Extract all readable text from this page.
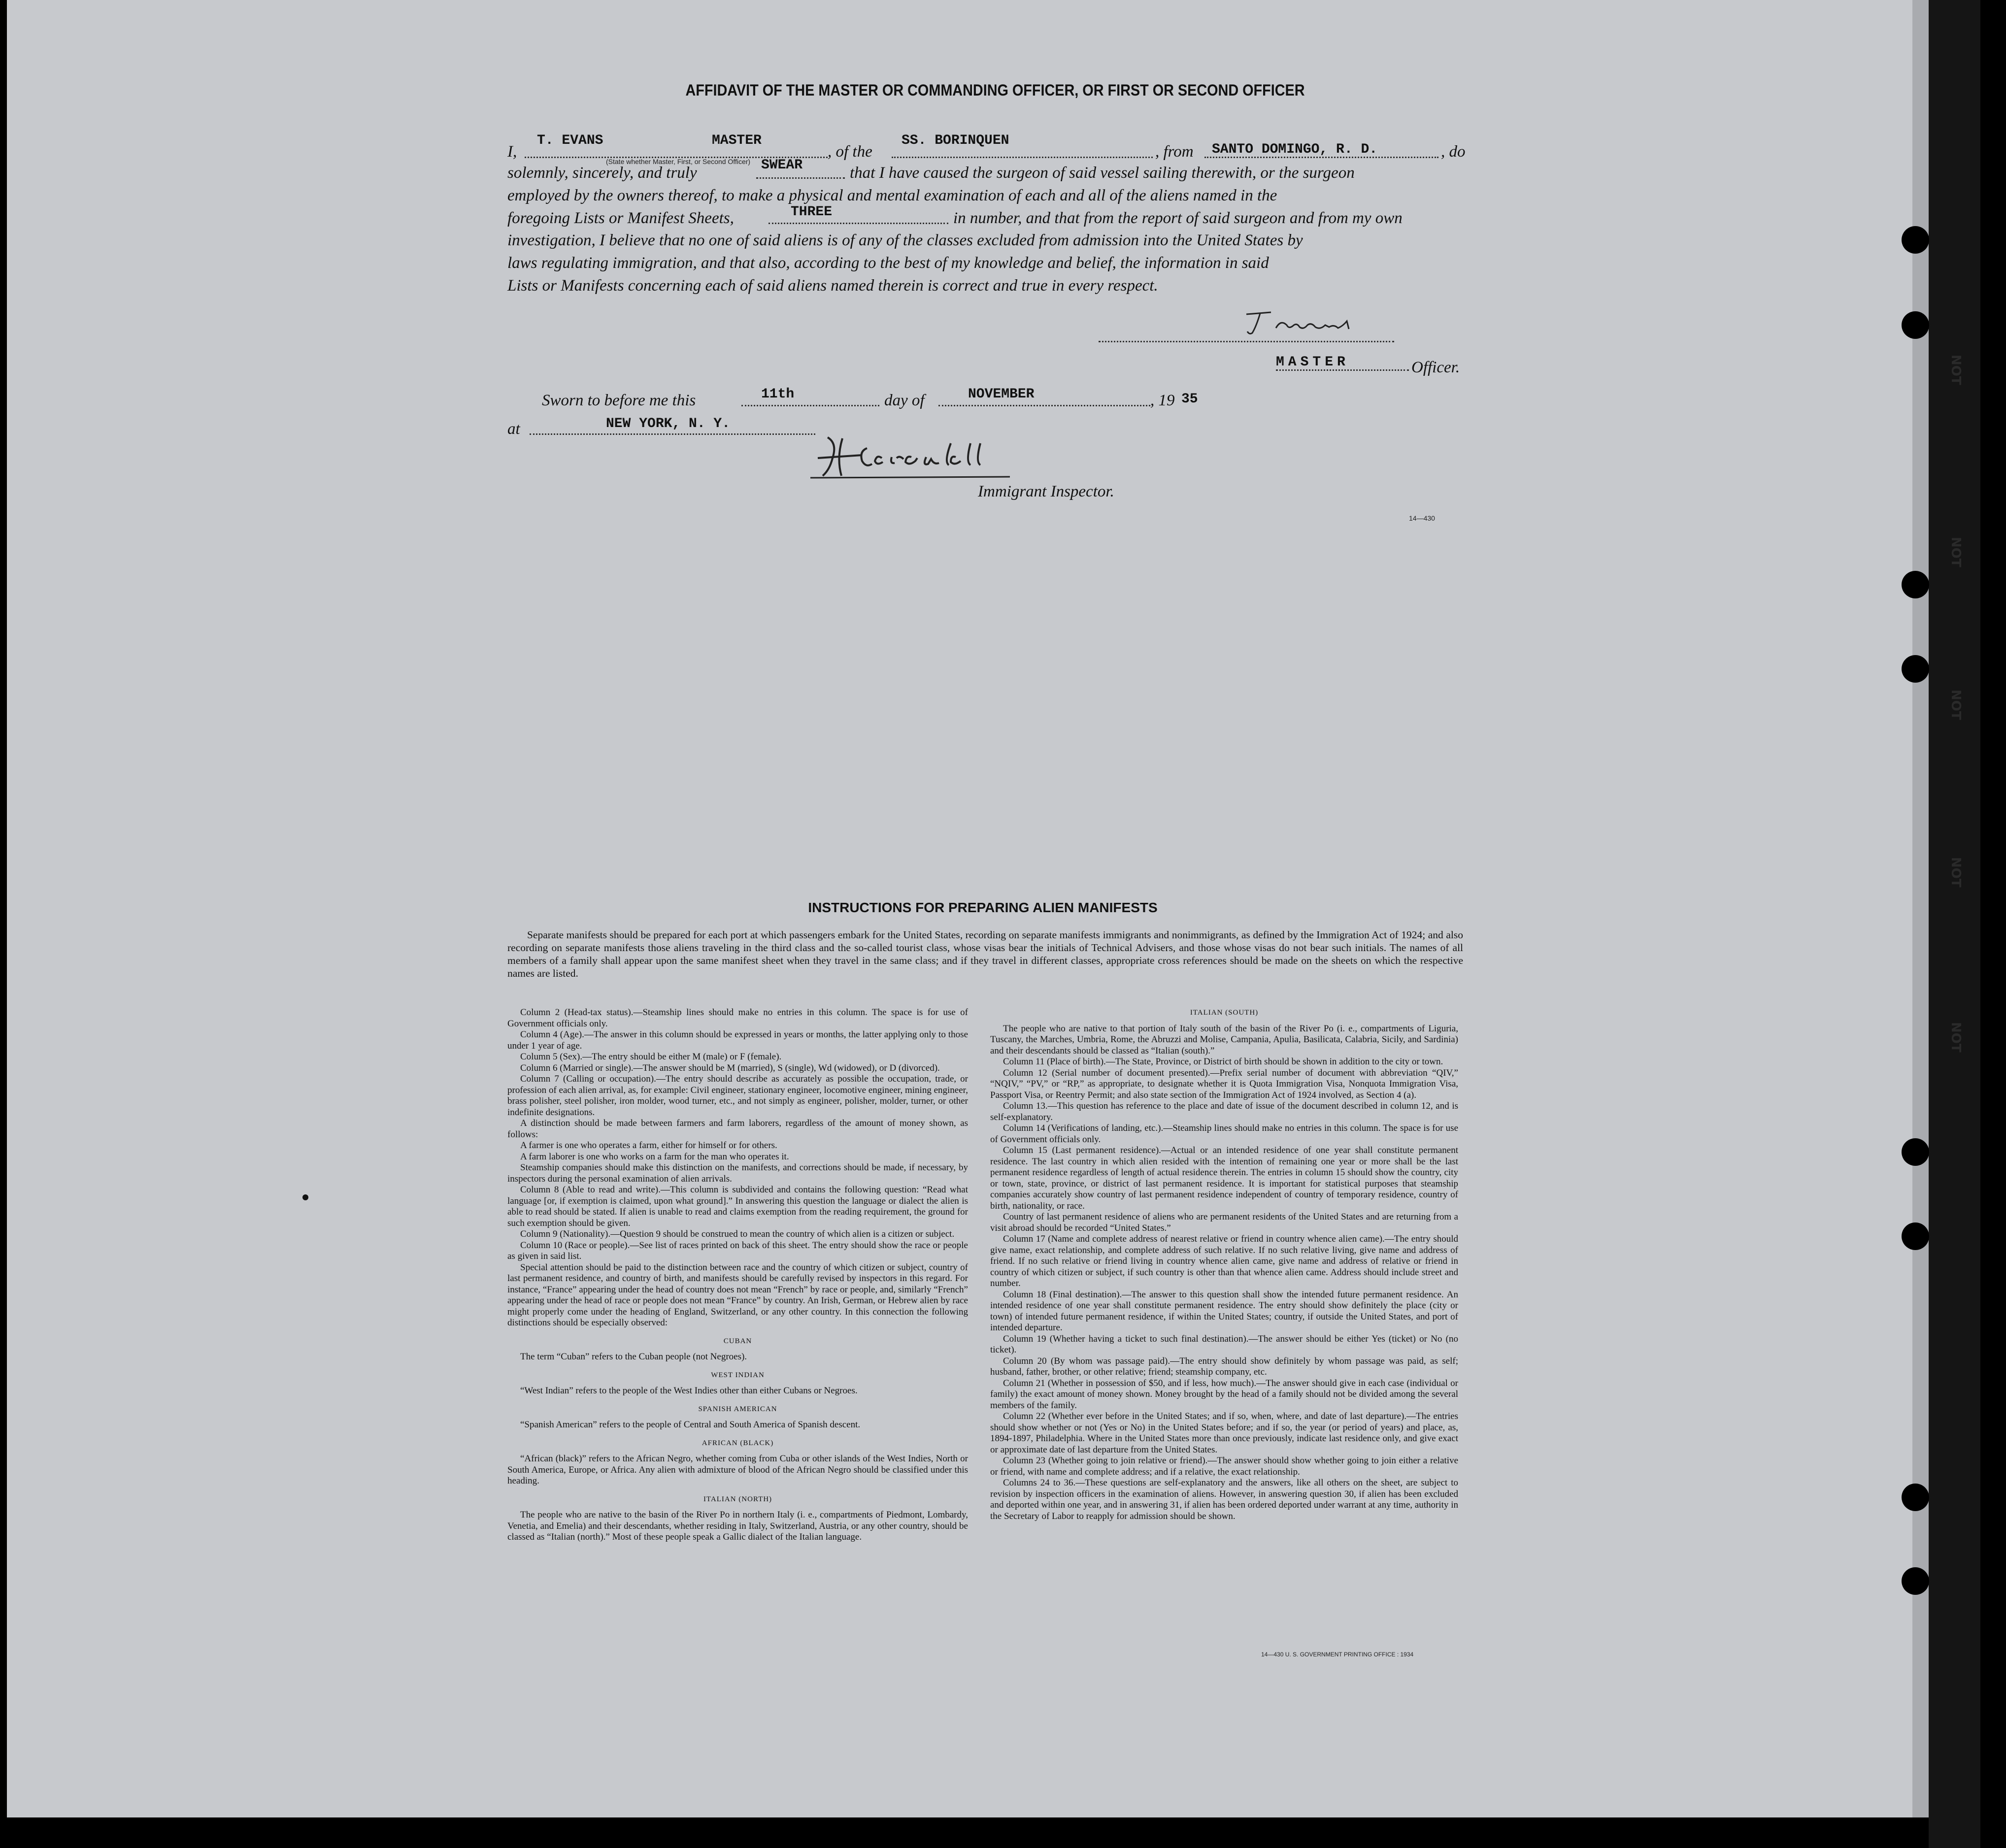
NOT
NOT
NOT
NOT
NOT
AFFIDAVIT OF THE MASTER OR COMMANDING OFFICER, OR FIRST OR SECOND OFFICER
I,
T. EVANS	MASTER
(State whether Master, First, or Second Officer)
, of the
SS. BORINQUEN
, from SANTO DOMINGO, R. D.	, do
solemnly, sincerely, and truly	SWEAR	that I have caused the surgeon of said vessel sailing therewith, or the surgeon
employed by the owners thereof, to make a physical and mental examination of each and all of the aliens named in the
foregoing Lists or Manifest Sheets,	THREE	in number, and that from the report of said surgeon and from my own
investigation, I believe that no one of said aliens is of any of the classes excluded from admission into the United States by
laws regulating immigration, and that also, according to the best of my knowledge and belief, the information in said
Lists or Manifests concerning each of said aliens named therein is correct and true in every respect.
MASTER	Officer.
Sworn to before me this	11th	day of	NOVEMBER	, 19 35
at	NEW YORK, N. Y.
Immigrant Inspector.
14—430
INSTRUCTIONS FOR PREPARING ALIEN MANIFESTS

Separate manifests should be prepared for each port at which passengers embark for the United States, recording on separate manifests immigrants and nonimmigrants, as defined by the Immigration Act of 1924; and also recording on separate manifests those aliens traveling in the third class and the so-called tourist class, whose visas bear the initials of Technical Advisers, and those whose visas do not bear such initials. The names of all members of a family shall appear upon the same manifest sheet when they travel in the same class; and if they travel in different classes, appropriate cross references should be made on the sheets on which the respective names are listed.

Column 2 (Head-tax status).—Steamship lines should make no entries in this column. The space is for use of Government officials only.

Column 4 (Age).—The answer in this column should be expressed in years or months, the latter applying only to those under 1 year of age.

Column 5 (Sex).—The entry should be either M (male) or F (female).

Column 6 (Married or single).—The answer should be M (married), S (single), Wd (widowed), or D (divorced).

Column 7 (Calling or occupation).—The entry should describe as accurately as possible the occupation, trade, or profession of each alien arrival, as, for example: Civil engineer, stationary engineer, locomotive engineer, mining engineer, brass polisher, steel polisher, iron molder, wood turner, etc., and not simply as engineer, polisher, molder, turner, or other indefinite designations.

A distinction should be made between farmers and farm laborers, regardless of the amount of money shown, as follows:

A farmer is one who operates a farm, either for himself or for others.

A farm laborer is one who works on a farm for the man who operates it.

Steamship companies should make this distinction on the manifests, and corrections should be made, if necessary, by inspectors during the personal examination of alien arrivals.

Column 8 (Able to read and write).—This column is subdivided and contains the following question: “Read what language [or, if exemption is claimed, upon what ground].” In answering this question the language or dialect the alien is able to read should be stated. If alien is unable to read and claims exemption from the reading requirement, the ground for such exemption should be given.

Column 9 (Nationality).—Question 9 should be construed to mean the country of which alien is a citizen or subject.

Column 10 (Race or people).—See list of races printed on back of this sheet. The entry should show the race or people as given in said list.

Special attention should be paid to the distinction between race and the country of which citizen or subject, country of last permanent residence, and country of birth, and manifests should be carefully revised by inspectors in this regard. For instance, “France” appearing under the head of country does not mean “French” by race or people, and, similarly “French” appearing under the head of race or people does not mean “France” by country. An Irish, German, or Hebrew alien by race might properly come under the heading of England, Switzerland, or any other country. In this connection the following distinctions should be especially observed:

CUBAN

The term “Cuban” refers to the Cuban people (not Negroes).

WEST INDIAN

“West Indian” refers to the people of the West Indies other than either Cubans or Negroes.

SPANISH AMERICAN

“Spanish American” refers to the people of Central and South America of Spanish descent.

AFRICAN (BLACK)

“African (black)” refers to the African Negro, whether coming from Cuba or other islands of the West Indies, North or South America, Europe, or Africa. Any alien with admixture of blood of the African Negro should be classified under this heading.

ITALIAN (NORTH)

The people who are native to the basin of the River Po in northern Italy (i. e., compartments of Piedmont, Lombardy, Venetia, and Emelia) and their descendants, whether residing in Italy, Switzerland, Austria, or any other country, should be classed as “Italian (north).” Most of these people speak a Gallic dialect of the Italian language.

ITALIAN (SOUTH)

The people who are native to that portion of Italy south of the basin of the River Po (i. e., compartments of Liguria, Tuscany, the Marches, Umbria, Rome, the Abruzzi and Molise, Campania, Apulia, Basilicata, Calabria, Sicily, and Sardinia) and their descendants should be classed as “Italian (south).”

Column 11 (Place of birth).—The State, Province, or District of birth should be shown in addition to the city or town.

Column 12 (Serial number of document presented).—Prefix serial number of document with abbreviation “QIV,” “NQIV,” “PV,” or “RP,” as appropriate, to designate whether it is Quota Immigration Visa, Nonquota Immigration Visa, Passport Visa, or Reentry Permit; and also state section of the Immigration Act of 1924 involved, as Section 4 (a).

Column 13.—This question has reference to the place and date of issue of the document described in column 12, and is self-explanatory.

Column 14 (Verifications of landing, etc.).—Steamship lines should make no entries in this column. The space is for use of Government officials only.

Column 15 (Last permanent residence).—Actual or an intended residence of one year shall constitute permanent residence. The last country in which alien resided with the intention of remaining one year or more shall be the last permanent residence regardless of length of actual residence therein. The entries in column 15 should show the country, city or town, state, province, or district of last permanent residence. It is important for statistical purposes that steamship companies accurately show country of last permanent residence independent of country of temporary residence, country of birth, nationality, or race.

Country of last permanent residence of aliens who are permanent residents of the United States and are returning from a visit abroad should be recorded “United States.”

Column 17 (Name and complete address of nearest relative or friend in country whence alien came).—The entry should give name, exact relationship, and complete address of such relative. If no such relative living, give name and address of friend. If no such relative or friend living in country whence alien came, give name and address of relative or friend in country of which citizen or subject, if such country is other than that whence alien came. Address should include street and number.

Column 18 (Final destination).—The answer to this question shall show the intended future permanent residence. An intended residence of one year shall constitute permanent residence. The entry should show definitely the place (city or town) of intended future permanent residence, if within the United States; country, if outside the United States, and port of intended departure.

Column 19 (Whether having a ticket to such final destination).—The answer should be either Yes (ticket) or No (no ticket).

Column 20 (By whom was passage paid).—The entry should show definitely by whom passage was paid, as self; husband, father, brother, or other relative; friend; steamship company, etc.

Column 21 (Whether in possession of $50, and if less, how much).—The answer should give in each case (individual or family) the exact amount of money shown. Money brought by the head of a family should not be divided among the several members of the family.

Column 22 (Whether ever before in the United States; and if so, when, where, and date of last departure).—The entries should show whether or not (Yes or No) in the United States before; and if so, the year (or period of years) and place, as, 1894-1897, Philadelphia. Where in the United States more than once previously, indicate last residence only, and give exact or approximate date of last departure from the United States.

Column 23 (Whether going to join relative or friend).—The answer should show whether going to join either a relative or friend, with name and complete address; and if a relative, the exact relationship.

Columns 24 to 36.—These questions are self-explanatory and the answers, like all others on the sheet, are subject to revision by inspection officers in the examination of aliens. However, in answering question 30, if alien has been excluded and deported within one year, and in answering 31, if alien has been ordered deported under warrant at any time, authority in the Secretary of Labor to reapply for admission should be shown.

14—430 U. S. GOVERNMENT PRINTING OFFICE : 1934
